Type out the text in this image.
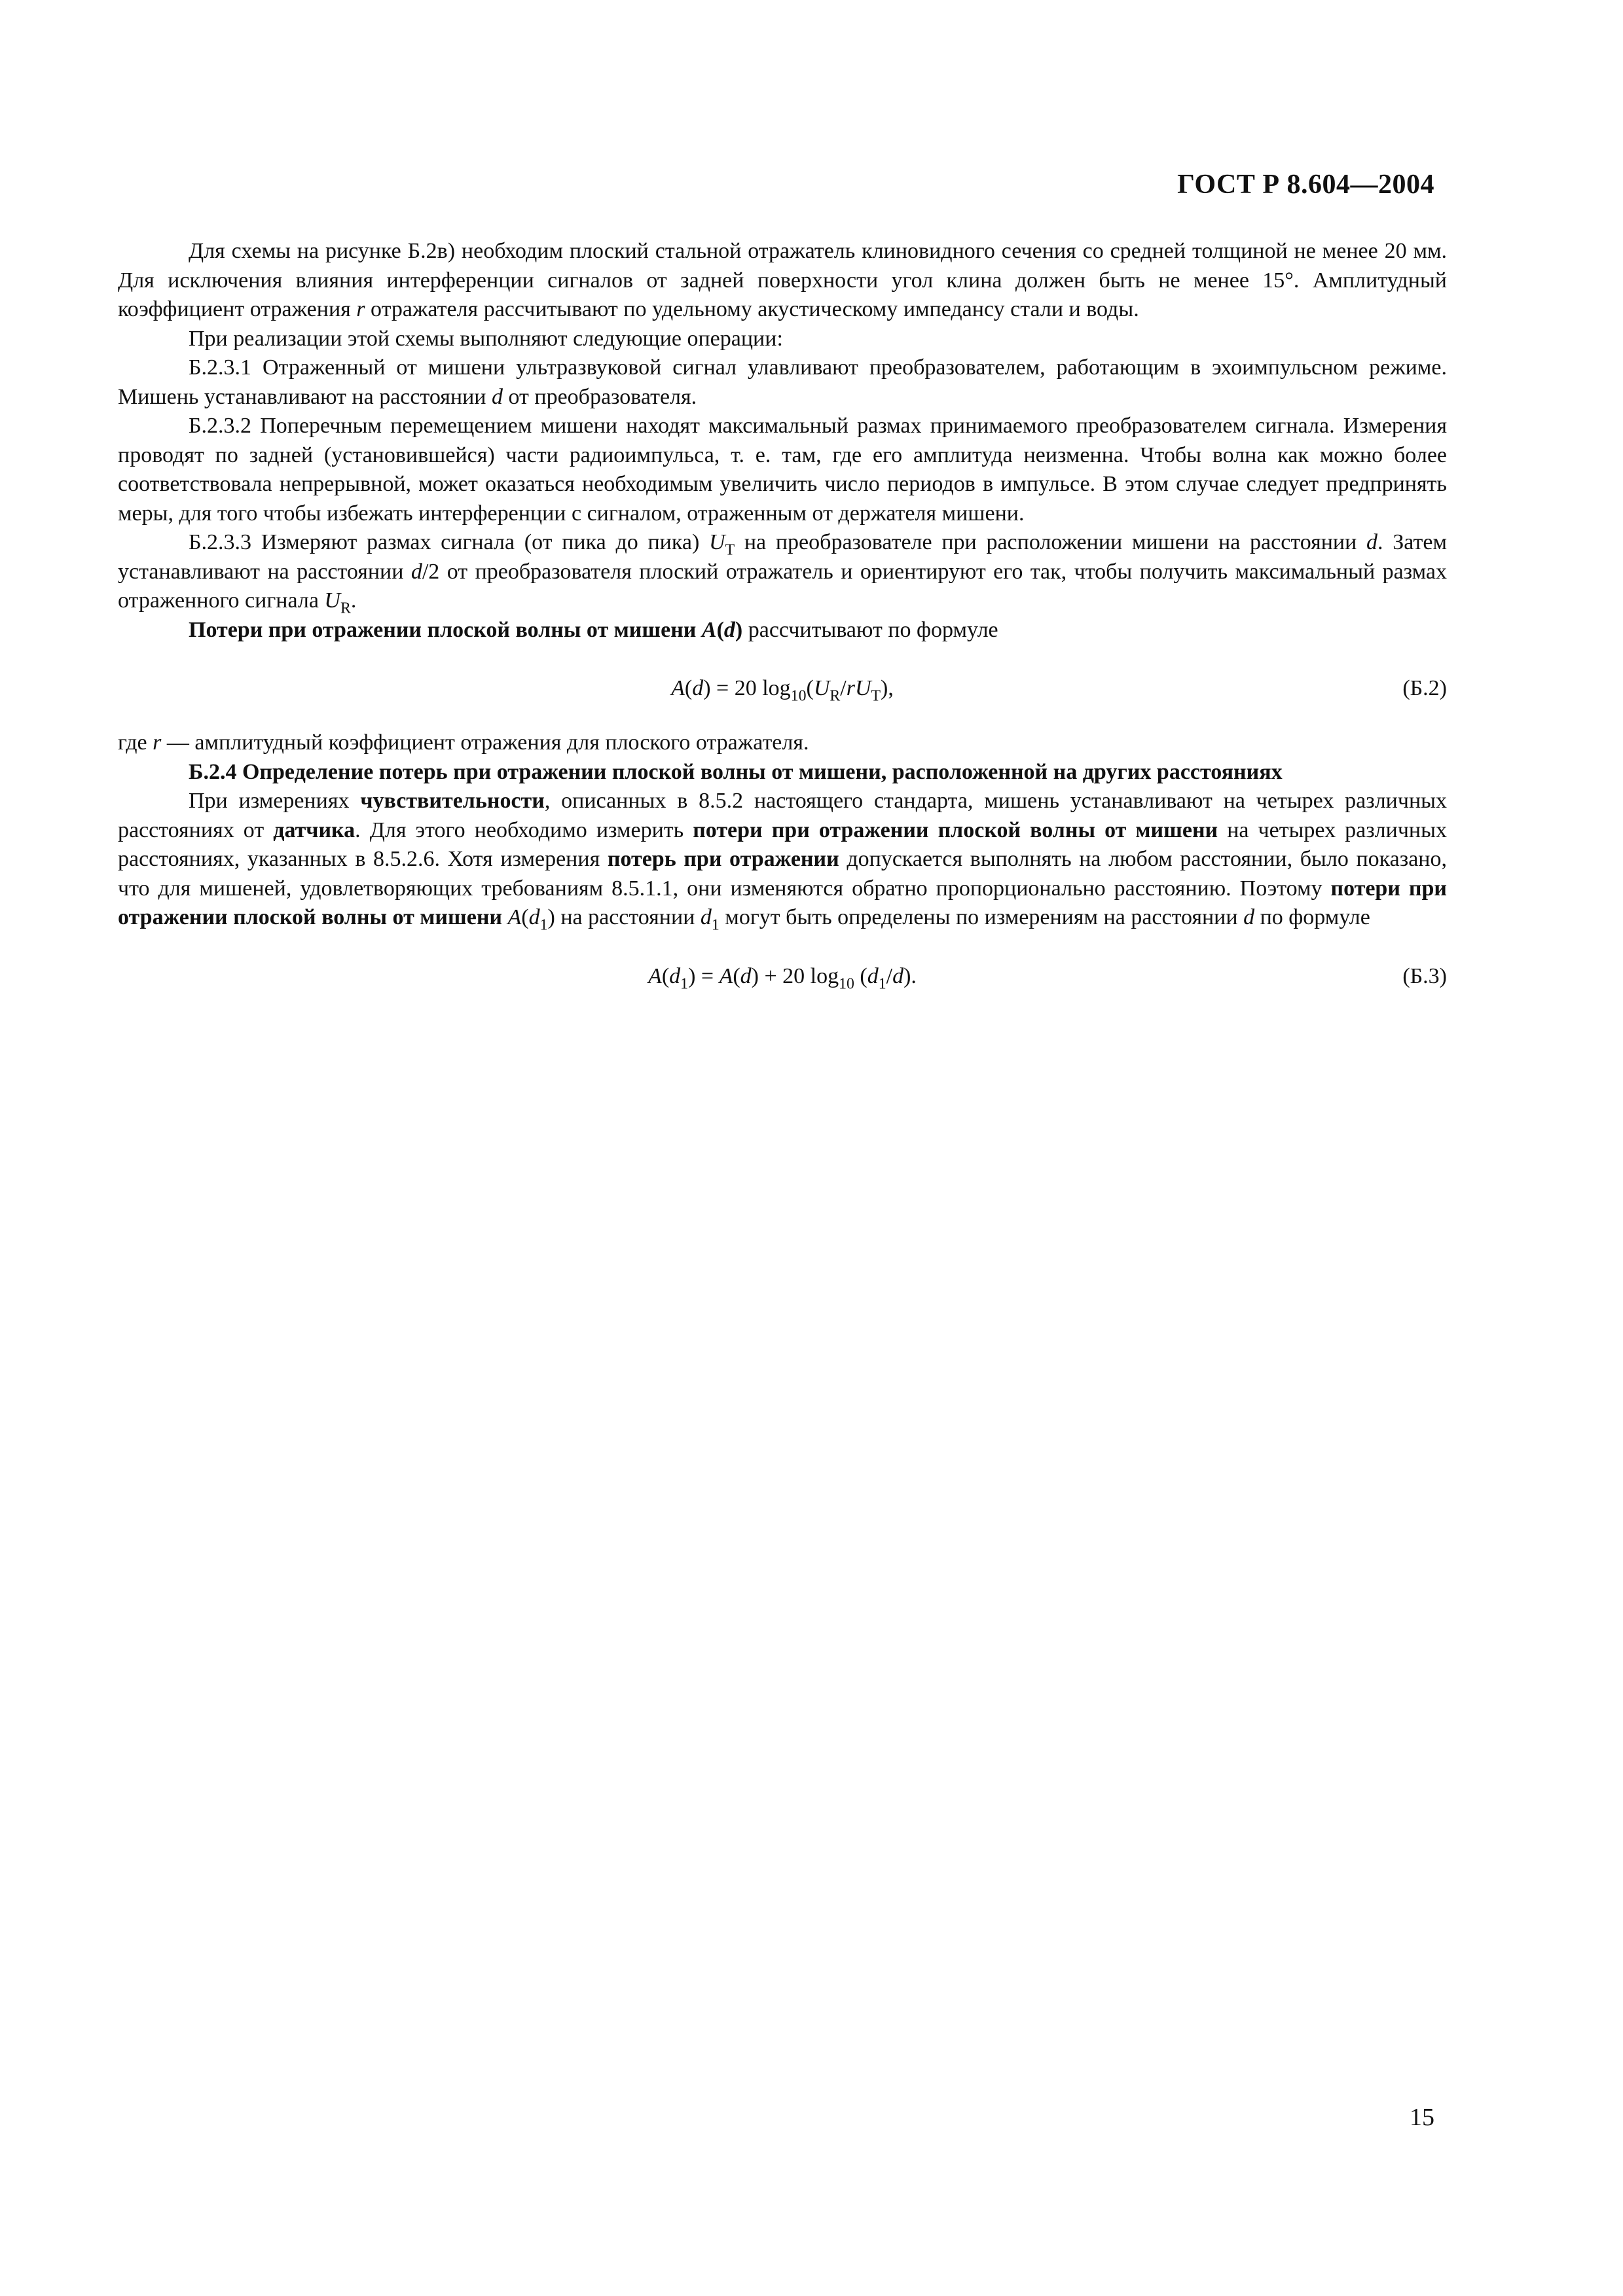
ГОСТ Р 8.604—2004

Для схемы на рисунке Б.2в) необходим плоский стальной отражатель клиновидного сечения со средней толщиной не менее 20 мм. Для исключения влияния интерференции сигналов от задней поверхности угол клина должен быть не менее 15°. Амплитудный коэффициент отражения r отражателя рассчитывают по удельному акустическому импедансу стали и воды.

При реализации этой схемы выполняют следующие операции:

Б.2.3.1 Отраженный от мишени ультразвуковой сигнал улавливают преобразователем, работающим в эхоимпульсном режиме. Мишень устанавливают на расстоянии d от преобразователя.

Б.2.3.2 Поперечным перемещением мишени находят максимальный размах принимаемого преобразователем сигнала. Измерения проводят по задней (установившейся) части радиоимпульса, т. е. там, где его амплитуда неизменна. Чтобы волна как можно более соответствовала непрерывной, может оказаться необходимым увеличить число периодов в импульсе. В этом случае следует предпринять меры, для того чтобы избежать интерференции с сигналом, отраженным от держателя мишени.

Б.2.3.3 Измеряют размах сигнала (от пика до пика) $U_T$ на преобразователе при расположении мишени на расстоянии d. Затем устанавливают на расстоянии d/2 от преобразователя плоский отражатель и ориентируют его так, чтобы получить максимальный размах отраженного сигнала $U_R$.

Потери при отражении плоской волны от мишени A(d) рассчитывают по формуле

A(d) = 20 $\log_{10}(U_R/rU_T)$,	(Б.2)

где r — амплитудный коэффициент отражения для плоского отражателя.

Б.2.4 Определение потерь при отражении плоской волны от мишени, расположенной на других расстояниях

При измерениях чувствительности, описанных в 8.5.2 настоящего стандарта, мишень устанавливают на четырех различных расстояниях от датчика. Для этого необходимо измерить потери при отражении плоской волны от мишени на четырех различных расстояниях, указанных в 8.5.2.6. Хотя измерения потерь при отражении допускается выполнять на любом расстоянии, было показано, что для мишеней, удовлетворяющих требованиям 8.5.1.1, они изменяются обратно пропорционально расстоянию. Поэтому потери при отражении плоской волны от мишени $A(d_1)$ на расстоянии $d_1$ могут быть определены по измерениям на расстоянии d по формуле

$A(d_1) = A(d) + 20$ $\log_{10} (d_1/d)$.	(Б.3)
15
